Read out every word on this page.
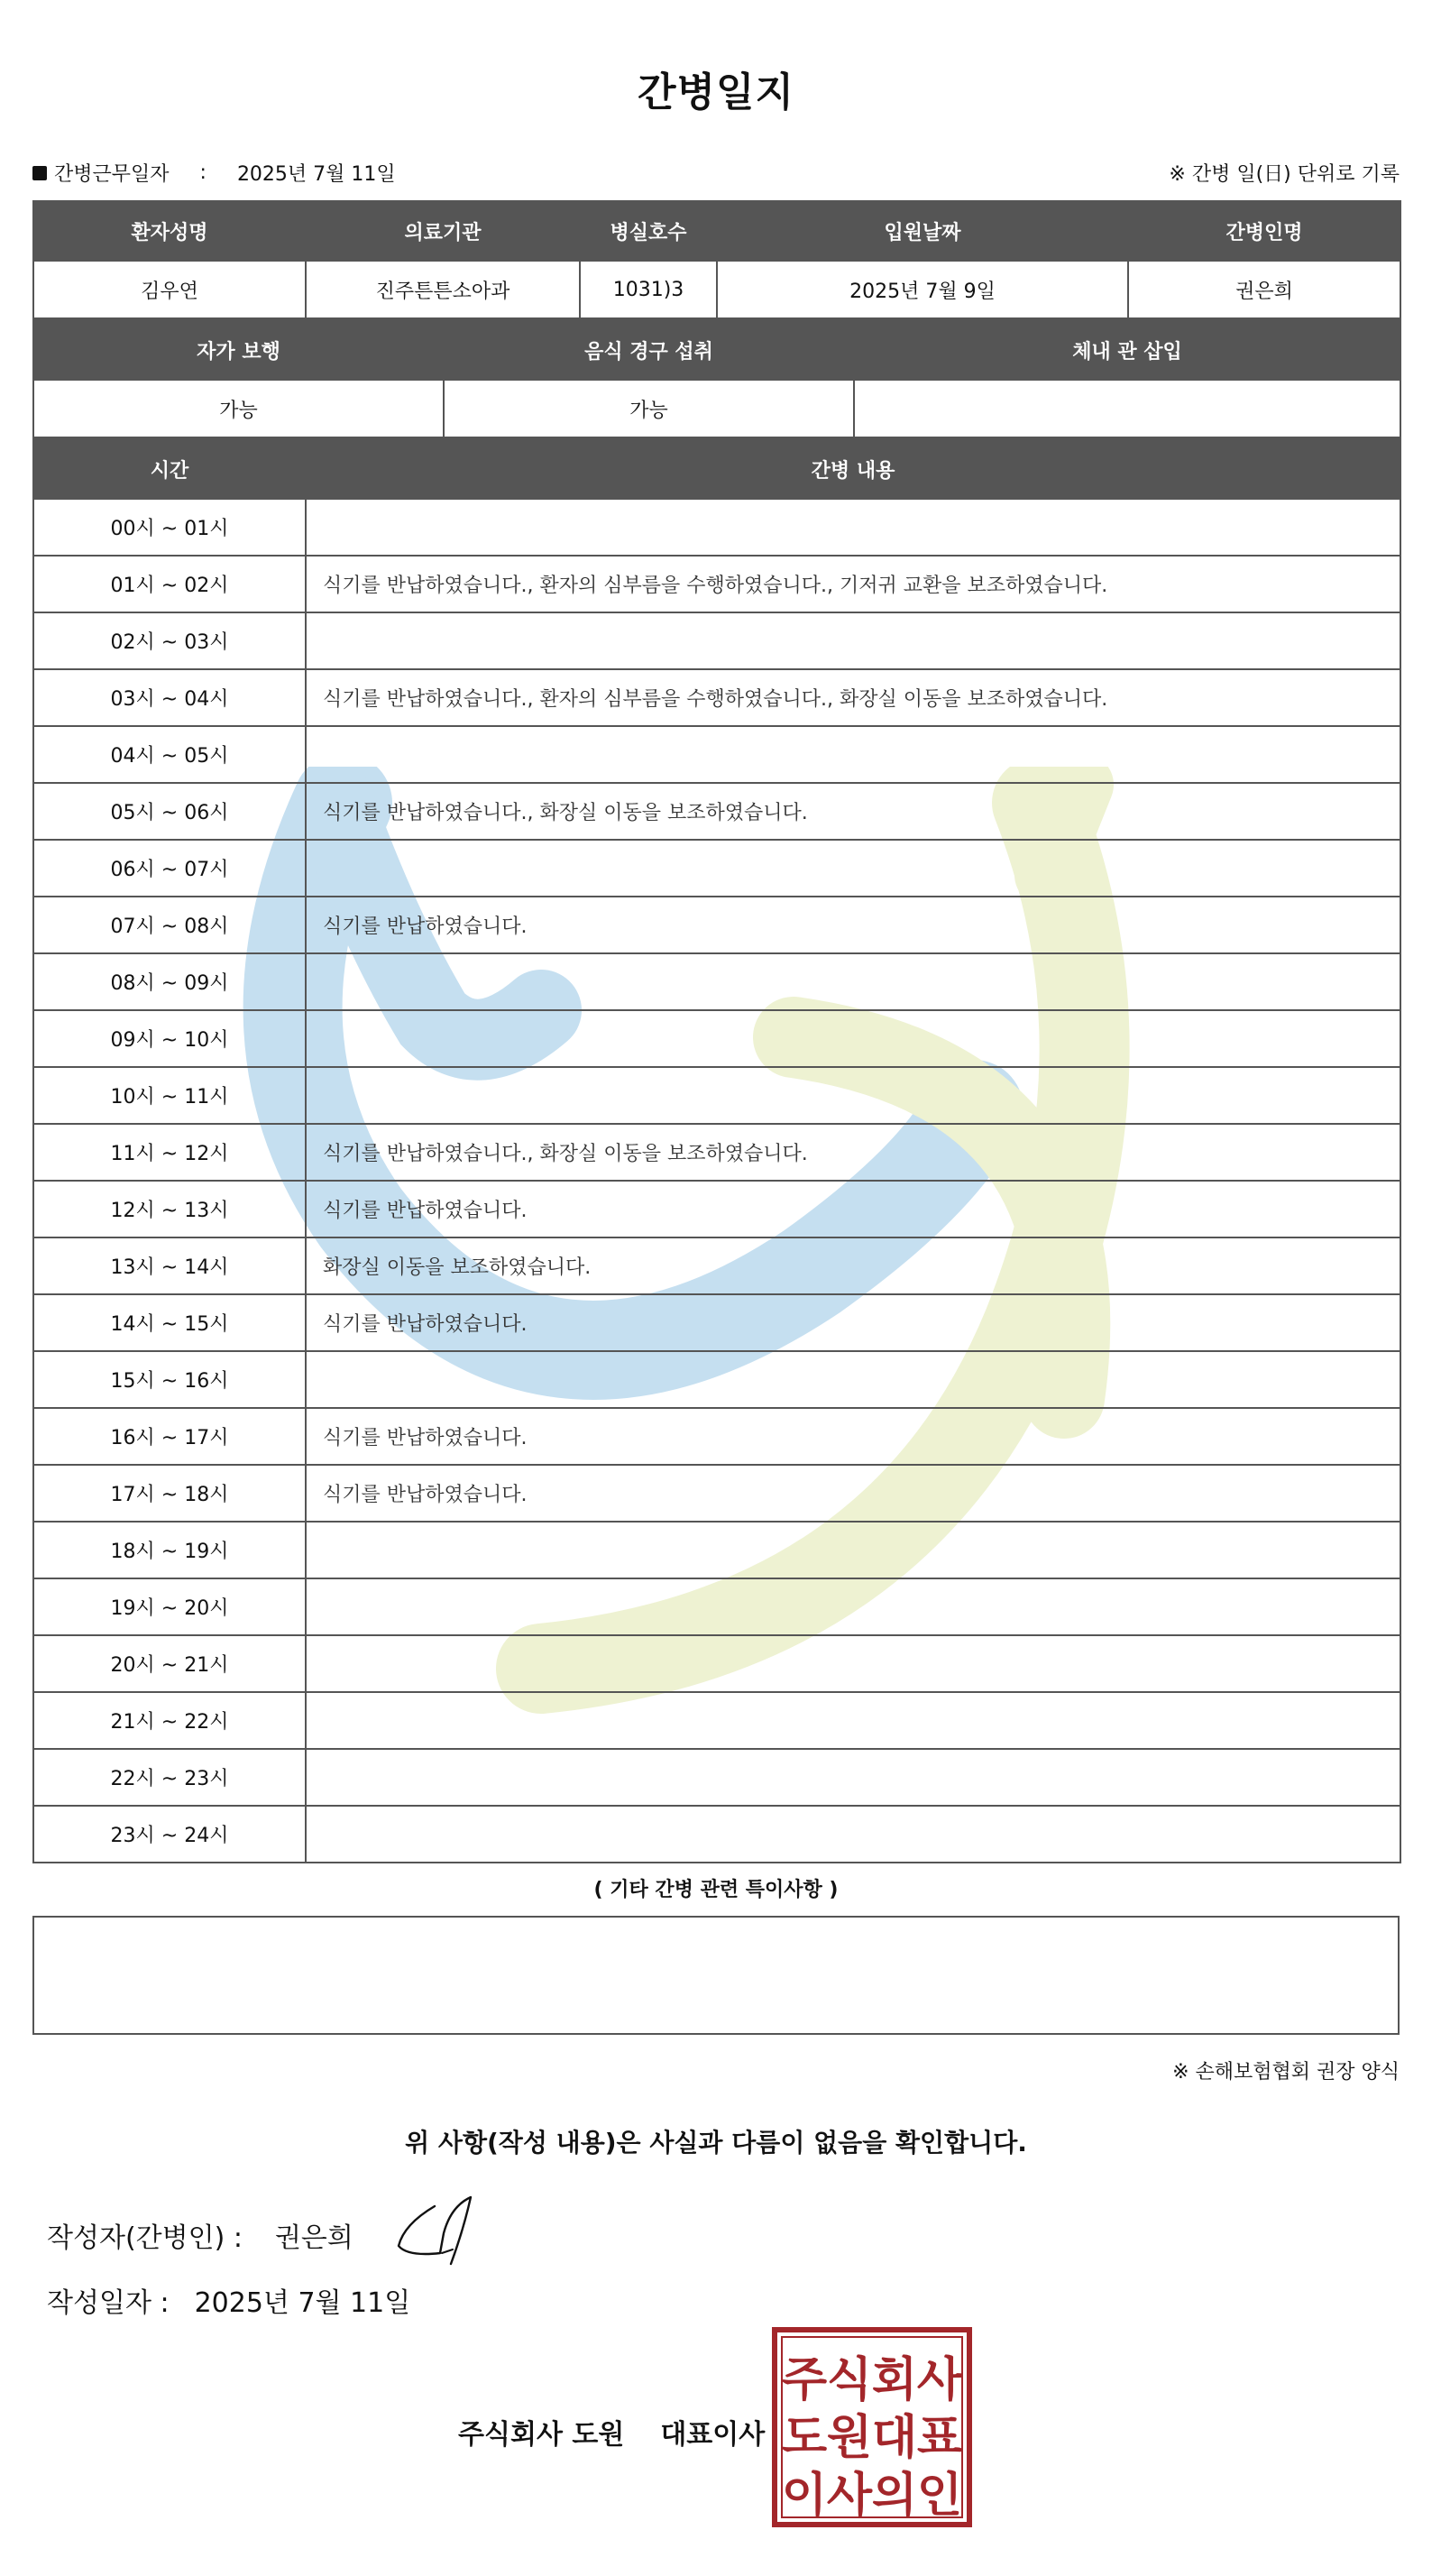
간병일지
간병근무일자 : 2025년 7월 11일	※ 간병 일(日) 단위로 기록
환자성명	의료기관	병실호수	입원날짜	간병인명
김우연	진주튼튼소아과	1031)3	2025년 7월 9일	권은희
자가 보행	음식 경구 섭취	체내 관 삽입
가능	가능	
시간	간병 내용
00시 ~ 01시	
01시 ~ 02시	식기를 반납하였습니다., 환자의 심부름을 수행하였습니다., 기저귀 교환을 보조하였습니다.
02시 ~ 03시	
03시 ~ 04시	식기를 반납하였습니다., 환자의 심부름을 수행하였습니다., 화장실 이동을 보조하였습니다.
04시 ~ 05시	
05시 ~ 06시	식기를 반납하였습니다., 화장실 이동을 보조하였습니다.
06시 ~ 07시	
07시 ~ 08시	식기를 반납하였습니다.
08시 ~ 09시	
09시 ~ 10시	
10시 ~ 11시	
11시 ~ 12시	식기를 반납하였습니다., 화장실 이동을 보조하였습니다.
12시 ~ 13시	식기를 반납하였습니다.
13시 ~ 14시	화장실 이동을 보조하였습니다.
14시 ~ 15시	식기를 반납하였습니다.
15시 ~ 16시	
16시 ~ 17시	식기를 반납하였습니다.
17시 ~ 18시	식기를 반납하였습니다.
18시 ~ 19시	
19시 ~ 20시	
20시 ~ 21시	
21시 ~ 22시	
22시 ~ 23시	
23시 ~ 24시	
( 기타 간병 관련 특이사항 )
※ 손해보험협회 권장 양식
위 사항(작성 내용)은 사실과 다름이 없음을 확인합니다.
작성자(간병인) : 권은희
작성일자 : 2025년 7월 11일
주식회사 도원 대표이사
주 식 회 사
도 원 대 표
이 사 의 인
